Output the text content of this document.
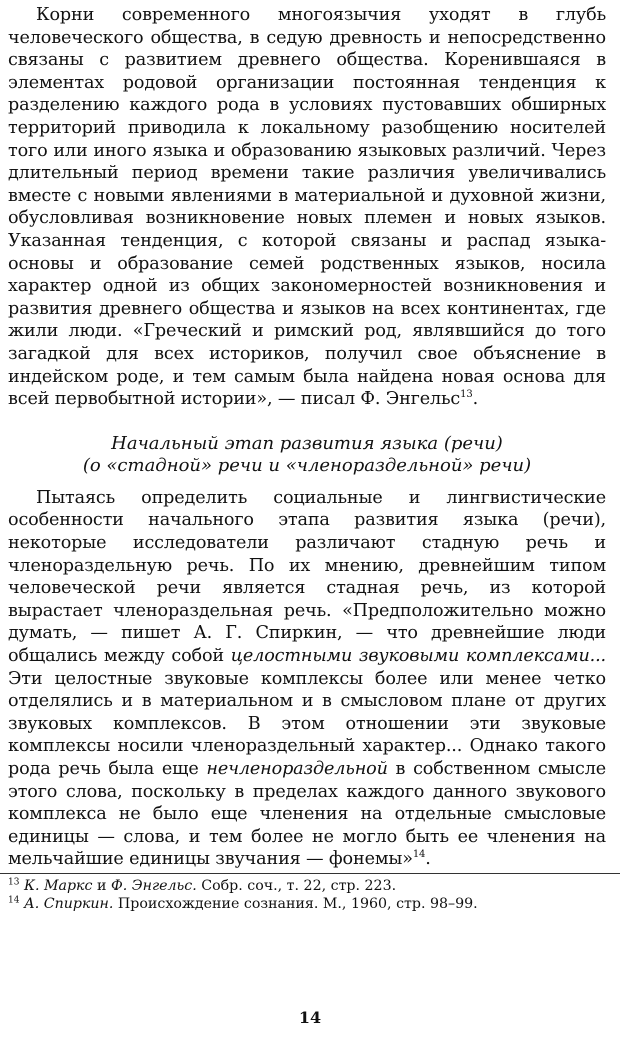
Корни современного многоязычия уходят в глубь человеческого общества, в седую древность и непосредственно связаны с развитием древнего общества. Коренившаяся в элементах родовой организации постоянная тенденция к разделению каждого рода в условиях пустовавших обширных территорий приводила к локальному разобщению носителей того или иного языка и образованию языковых различий. Через длительный период времени такие различия увеличивались вместе с новыми явлениями в материальной и духовной жизни, обусловливая возникновение новых племен и новых языков. Указанная тенденция, с которой связаны и распад языка-основы и образование семей родственных языков, носила характер одной из общих закономерностей возникновения и развития древнего общества и языков на всех континентах, где жили люди. «Греческий и римский род, являвшийся до того загадкой для всех историков, получил свое объяснение в индейском роде, и тем самым была найдена новая основа для всей первобытной истории», — писал Ф. Энгельс$^{13}$.

Начальный этап развития языка (речи)
(о «стадной» речи и «членораздельной» речи)

Пытаясь определить социальные и лингвистические особенности начального этапа развития языка (речи), некоторые исследователи различают стадную речь и членораздельную речь. По их мнению, древнейшим типом человеческой речи является стадная речь, из которой вырастает членораздельная речь. «Предположительно можно думать, — пишет А. Г. Спиркин, — что древнейшие люди общались между собой целостными звуковыми комплексами... Эти целостные звуковые комплексы более или менее четко отделялись и в материальном и в смысловом плане от других звуковых комплексов. В этом отношении эти звуковые комплексы носили членораздельный характер... Однако такого рода речь была еще нечленораздельной в собственном смысле этого слова, поскольку в пределах каждого данного звукового комплекса не было еще членения на отдельные смысловые единицы — слова, и тем более не могло быть ее членения на мельчайшие единицы звучания — фонемы»$^{14}$.

$^{13}$ К. Маркс и Ф. Энгельс. Собр. соч., т. 22, стр. 223.
$^{14}$ А. Спиркин. Происхождение сознания. М., 1960, стр. 98–99.
14
